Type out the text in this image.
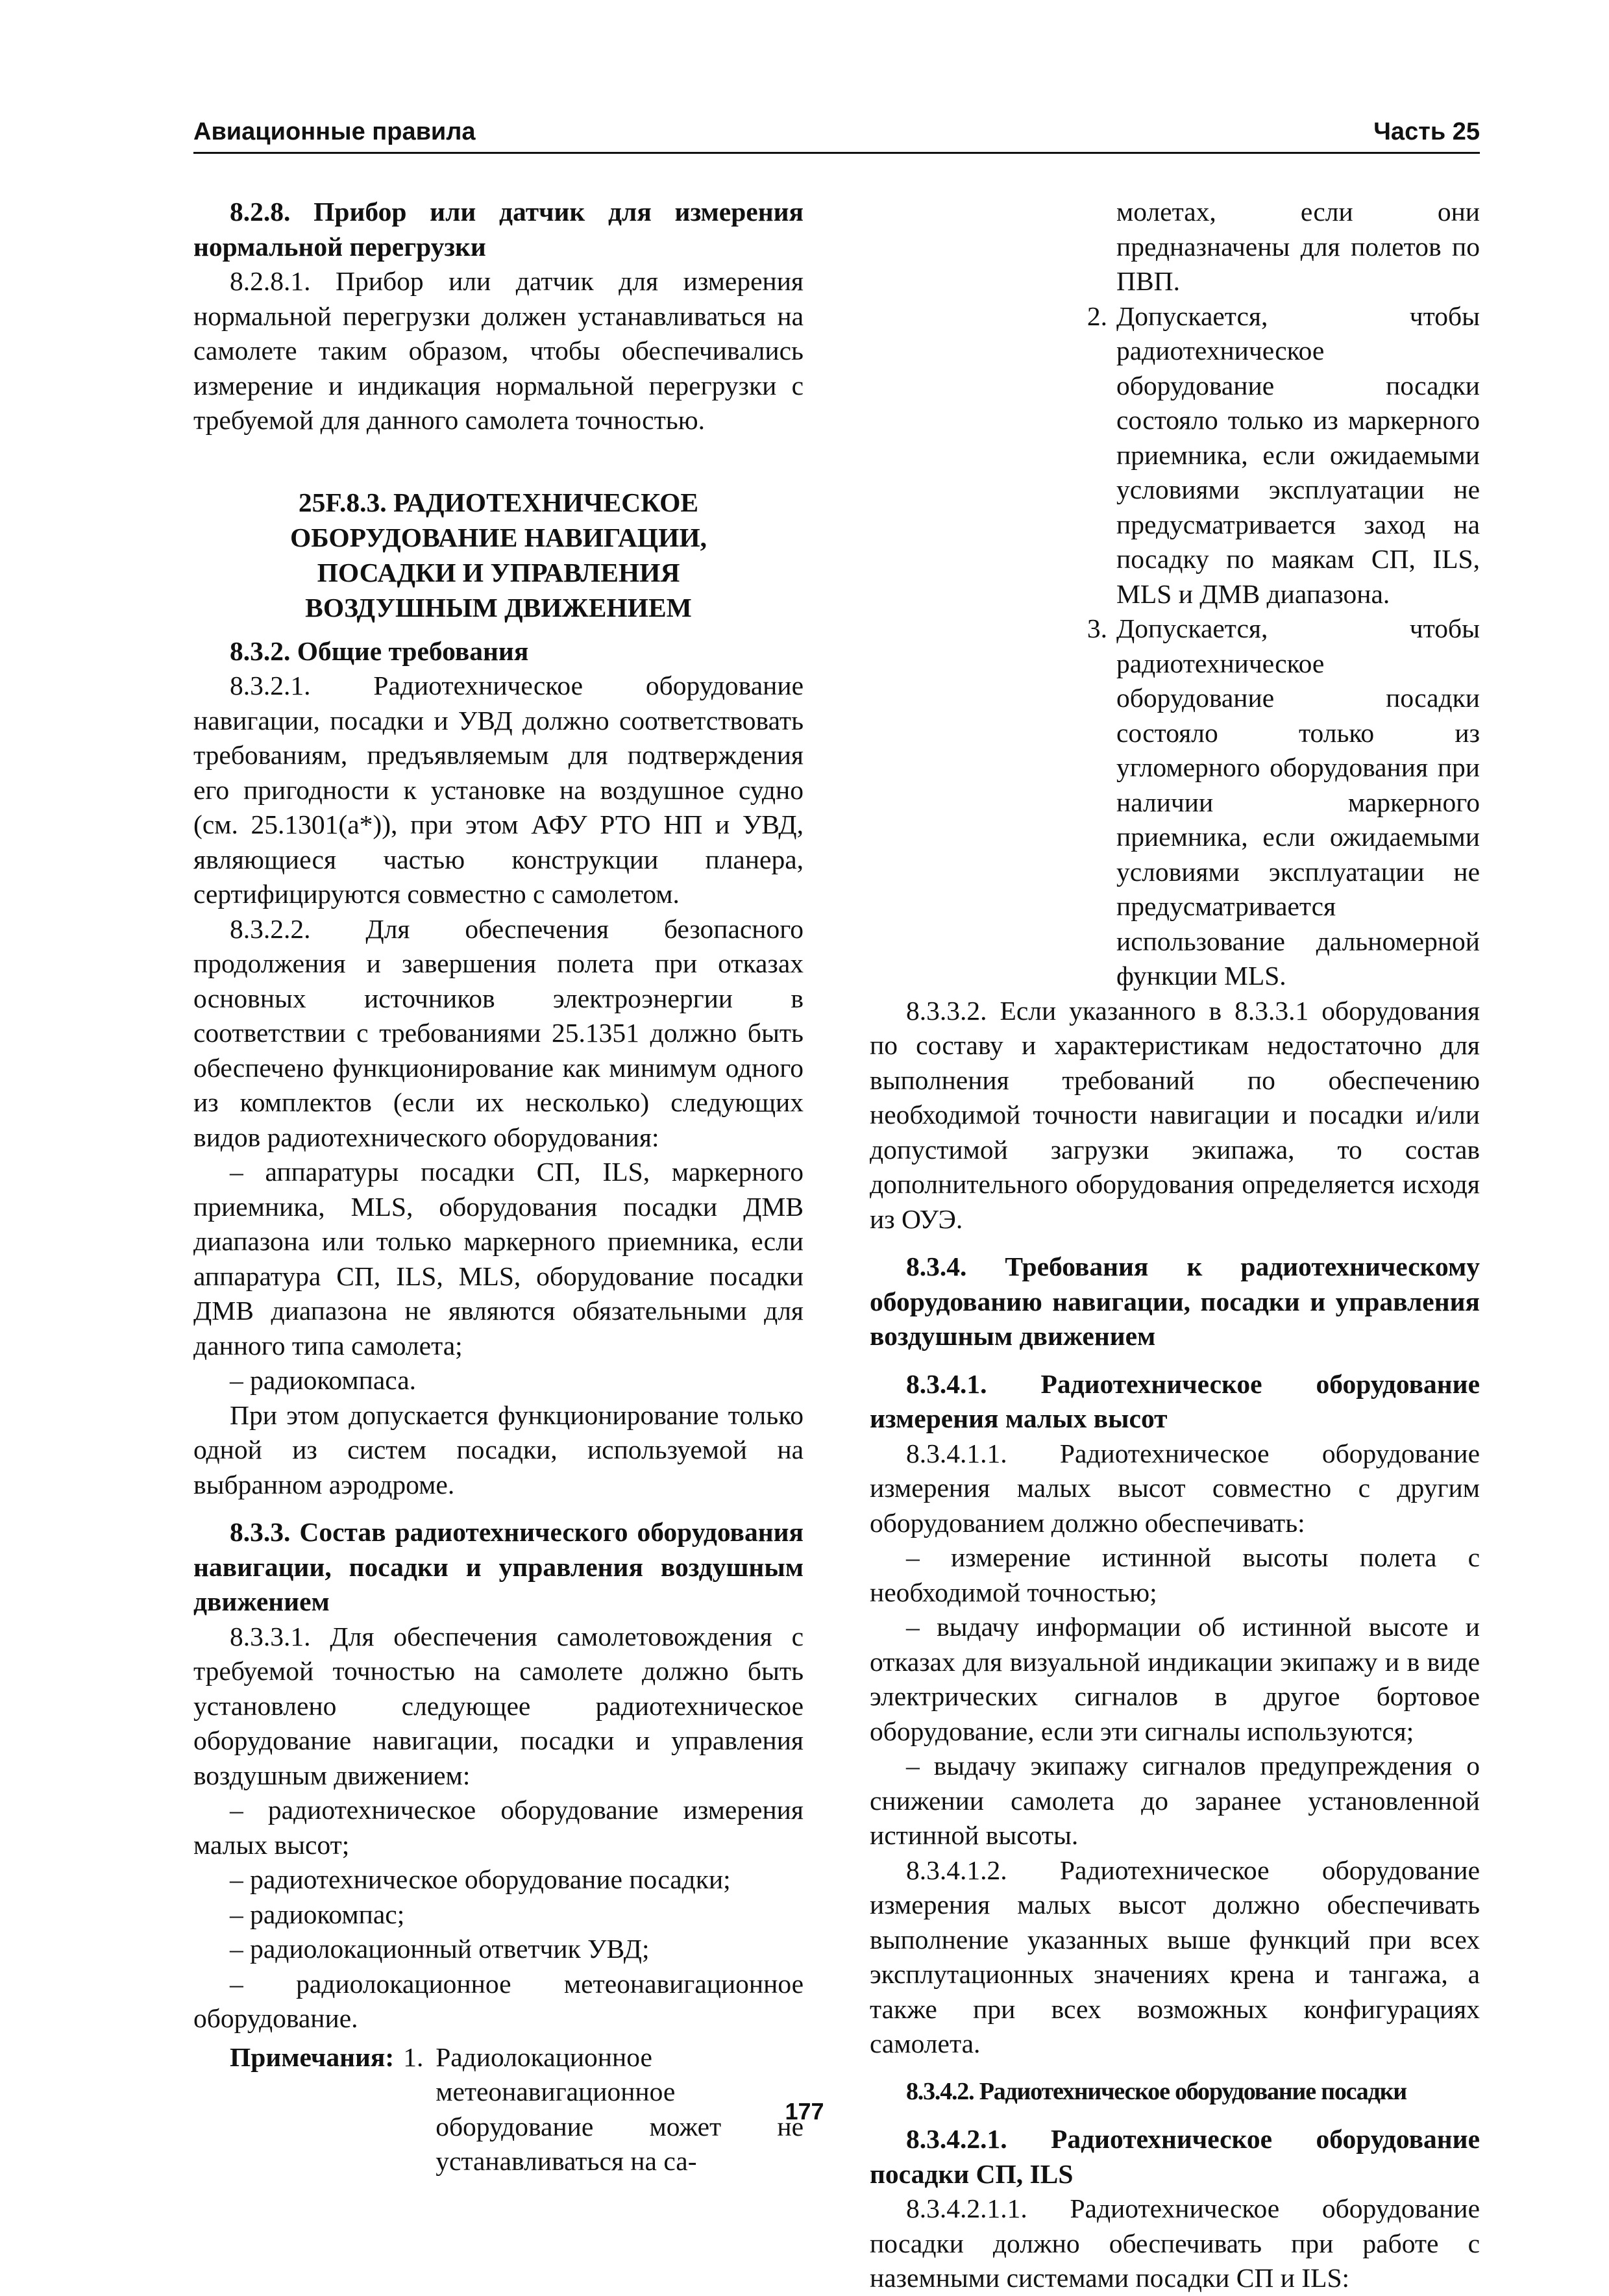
Авиационные правила	Часть 25

8.2.8. Прибор или датчик для измерения нормальной перегрузки

8.2.8.1. Прибор или датчик для измерения нормальной перегрузки должен устанавливаться на самолете таким образом, чтобы обеспечивались измерение и индикация нормальной перегрузки с требуемой для данного самолета точностью.

25F.8.3. РАДИОТЕХНИЧЕСКОЕ ОБОРУДОВАНИЕ НАВИГАЦИИ, ПОСАДКИ И УПРАВЛЕНИЯ ВОЗДУШНЫМ ДВИЖЕНИЕМ

8.3.2. Общие требования

8.3.2.1. Радиотехническое оборудование навигации, посадки и УВД должно соответствовать требованиям, предъявляемым для подтверждения его пригодности к установке на воздушное судно (см. 25.1301(a*)), при этом АФУ РТО НП и УВД, являющиеся частью конструкции планера, сертифицируются совместно с самолетом.

8.3.2.2. Для обеспечения безопасного продолжения и завершения полета при отказах основных источников электроэнергии в соответствии с требованиями 25.1351 должно быть обеспечено функционирование как минимум одного из комплектов (если их несколько) следующих видов радиотехнического оборудования:

– аппаратуры посадки СП, ILS, маркерного приемника, MLS, оборудования посадки ДМВ диапазона или только маркерного приемника, если аппаратура СП, ILS, MLS, оборудование посадки ДМВ диапазона не являются обязательными для данного типа самолета;

– радиокомпаса.

При этом допускается функционирование только одной из систем посадки, используемой на выбранном аэродроме.

8.3.3. Состав радиотехнического оборудования навигации, посадки и управления воздушным движением

8.3.3.1. Для обеспечения самолетовождения с требуемой точностью на самолете должно быть установлено следующее радиотехническое оборудование навигации, посадки и управления воздушным движением:

– радиотехническое оборудование измерения малых высот;

– радиотехническое оборудование посадки;

– радиокомпас;

– радиолокационный ответчик УВД;

– радиолокационное метеонавигационное оборудование.

Примечания: 1. Радиолокационное метеонавигационное оборудование может не устанавливаться на са-
молетах, если они предназначены для полетов по ПВП.
2. Допускается, чтобы радиотехническое оборудование посадки состояло только из маркерного приемника, если ожидаемыми условиями эксплуатации не предусматривается заход на посадку по маякам СП, ILS, MLS и ДМВ диапазона.
3. Допускается, чтобы радиотехническое оборудование посадки состояло только из угломерного оборудования при наличии маркерного приемника, если ожидаемыми условиями эксплуатации не предусматривается использование дальномерной функции MLS.

8.3.3.2. Если указанного в 8.3.3.1 оборудования по составу и характеристикам недостаточно для выполнения требований по обеспечению необходимой точности навигации и посадки и/или допустимой загрузки экипажа, то состав дополнительного оборудования определяется исходя из ОУЭ.

8.3.4. Требования к радиотехническому оборудованию навигации, посадки и управления воздушным движением

8.3.4.1. Радиотехническое оборудование измерения малых высот

8.3.4.1.1. Радиотехническое оборудование измерения малых высот совместно с другим оборудованием должно обеспечивать:

– измерение истинной высоты полета с необходимой точностью;

– выдачу информации об истинной высоте и отказах для визуальной индикации экипажу и в виде электрических сигналов в другое бортовое оборудование, если эти сигналы используются;

– выдачу экипажу сигналов предупреждения о снижении самолета до заранее установленной истинной высоты.

8.3.4.1.2. Радиотехническое оборудование измерения малых высот должно обеспечивать выполнение указанных выше функций при всех эксплутационных значениях крена и тангажа, а также при всех возможных конфигурациях самолета.

8.3.4.2. Радиотехническое оборудование посадки

8.3.4.2.1. Радиотехническое оборудование посадки СП, ILS

8.3.4.2.1.1. Радиотехническое оборудование посадки должно обеспечивать при работе с наземными системами посадки СП и ILS:

177
